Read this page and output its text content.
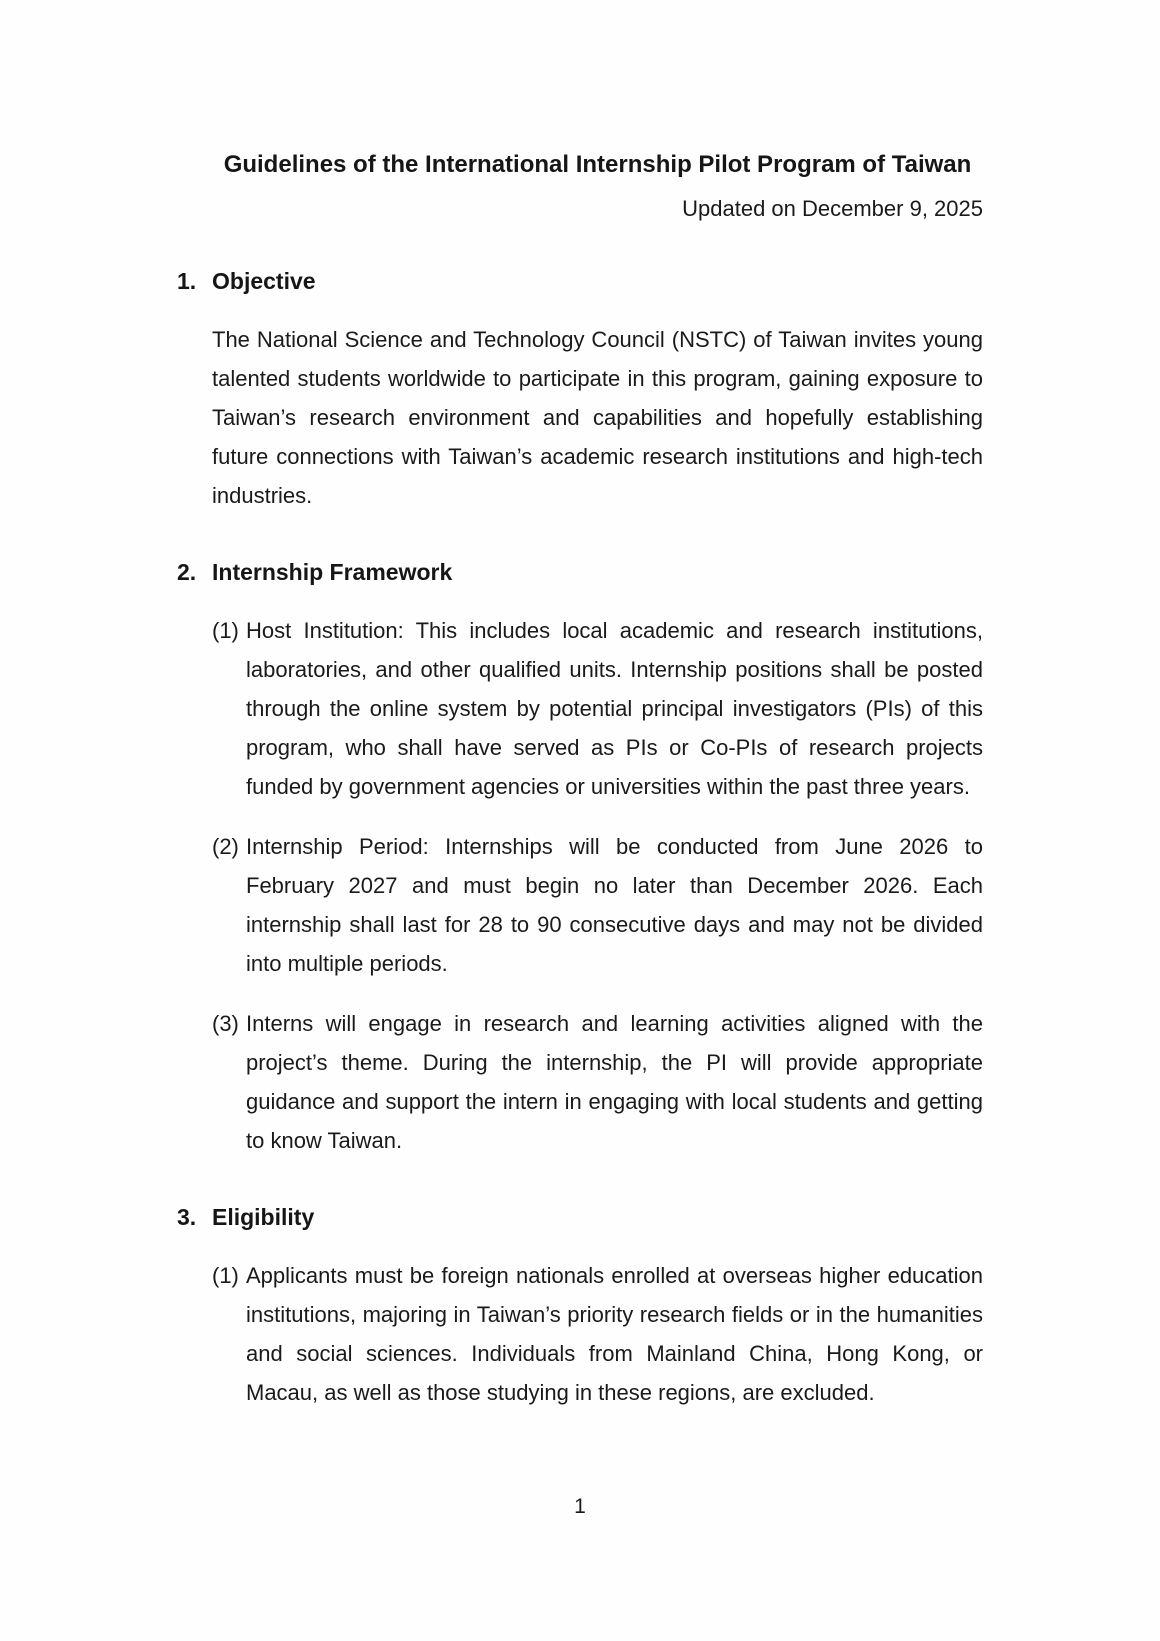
Guidelines of the International Internship Pilot Program of Taiwan
Updated on December 9, 2025
1. Objective

The National Science and Technology Council (NSTC) of Taiwan invites young talented students worldwide to participate in this program, gaining exposure to Taiwan’s research environment and capabilities and hopefully establishing future connections with Taiwan’s academic research institutions and high-tech industries.

2. Internship Framework
(1) Host Institution: This includes local academic and research institutions, laboratories, and other qualified units. Internship positions shall be posted through the online system by potential principal investigators (PIs) of this program, who shall have served as PIs or Co-PIs of research projects funded by government agencies or universities within the past three years.
(2) Internship Period: Internships will be conducted from June 2026 to February 2027 and must begin no later than December 2026. Each internship shall last for 28 to 90 consecutive days and may not be divided into multiple periods.
(3) Interns will engage in research and learning activities aligned with the project’s theme. During the internship, the PI will provide appropriate guidance and support the intern in engaging with local students and getting to know Taiwan.
3. Eligibility
(1) Applicants must be foreign nationals enrolled at overseas higher education institutions, majoring in Taiwan’s priority research fields or in the humanities and social sciences. Individuals from Mainland China, Hong Kong, or Macau, as well as those studying in these regions, are excluded.
1
